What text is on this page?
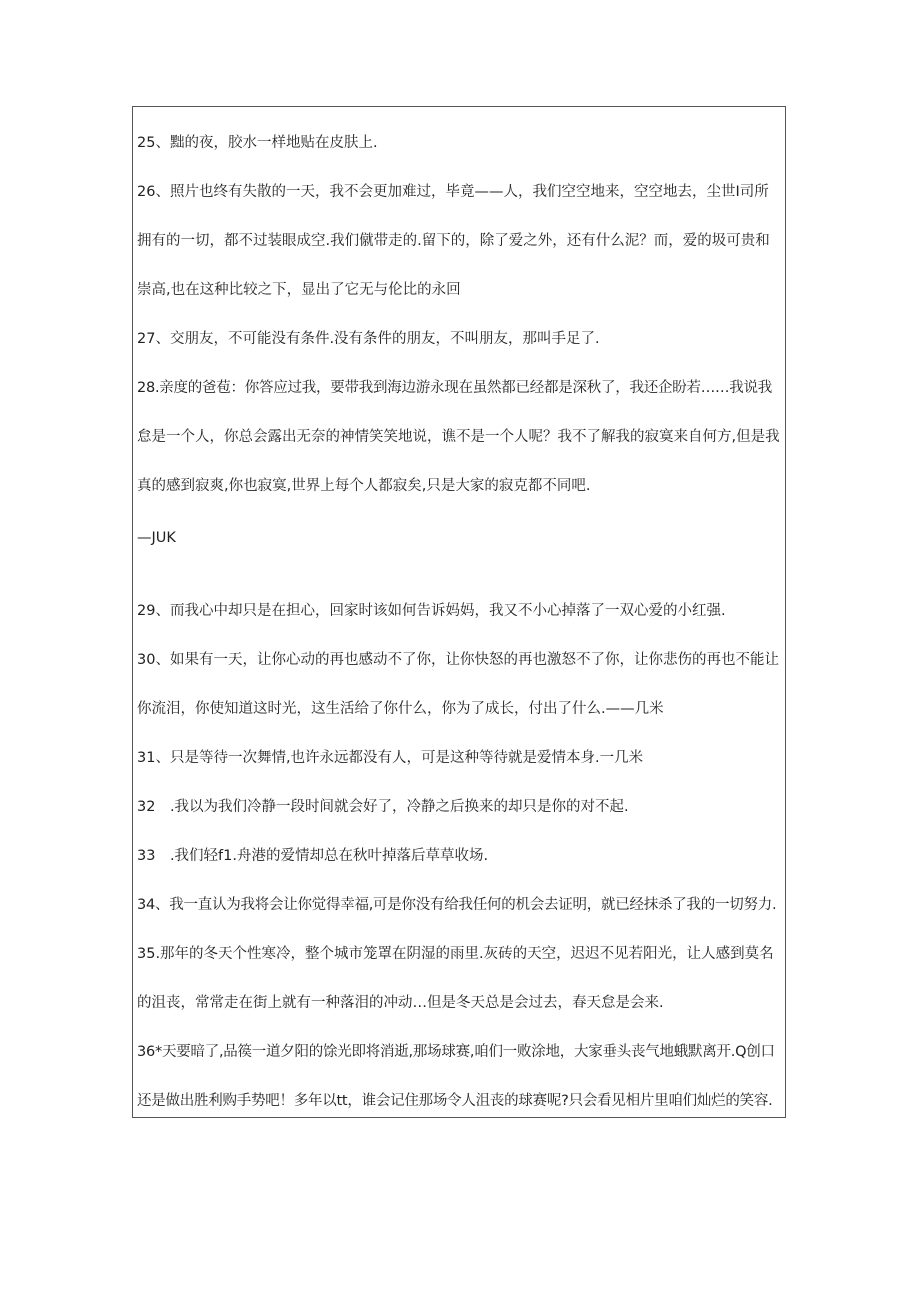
25、黜的夜，胶水一样地贴在皮肤上.
26、照片也终有失散的一天，我不会更加难过，毕竟——人，我们空空地来，空空地去，尘世I司所
拥有的一切，都不过装眼成空.我们僦带走的.留下的，除了爱之外，还有什么泥？而，爱的圾可贵和
崇高,也在这种比较之下，显出了它无与伦比的永回
27、交朋友，不可能没有条件.没有条件的朋友，不叫朋友，那叫手足了.
28.亲度的爸苞：你答应过我，要带我到海边游永现在虽然都已经都是深秋了，我还企盼若……我说我
怠是一个人，你总会露出无奈的神情笑笑地说，谯不是一个人呢？我不了解我的寂寞来自何方,但是我
真的感到寂爽,你也寂寞,世界上每个人都寂矣,只是大家的寂克都不同吧.
—JUK
29、而我心中却只是在担心，回家时该如何告诉妈妈，我又不小心掉落了一双心爱的小红强.
30、如果有一天，让你心动的再也感动不了你，让你快怒的再也激怒不了你，让你悲伤的再也不能让
你流泪，你使知道这时光，这生活给了你什么，你为了成长，付出了什么.——几米
31、只是等待一次舞情,也许永远都没有人，可是这种等待就是爱情本身.一几米
32　.我以为我们冷静一段时间就会好了，冷静之后换来的却只是你的对不起.
33　.我们轻f1.舟港的爱情却总在秋叶掉落后草草收场.
34、我一直认为我将会让你觉得幸福,可是你没有给我任何的机会去证明，就已经抹杀了我的一切努力.
35.那年的冬天个性寒冷，整个城市笼罩在阴湿的雨里.灰砖的天空，迟迟不见若阳光，让人感到莫名
的沮丧，常常走在街上就有一种落泪的冲动…但是冬天总是会过去，春天怠是会来.
36*天要暗了,品篌一道夕阳的馀光即将消逝,那场球赛,咱们一败涂地，大家垂头丧气地蛾默离开.Q创口
还是做出胜利购手势吧！多年以tt，谁会记住那场令人沮丧的球赛呢?只会看见相片里咱们灿烂的笑容.
